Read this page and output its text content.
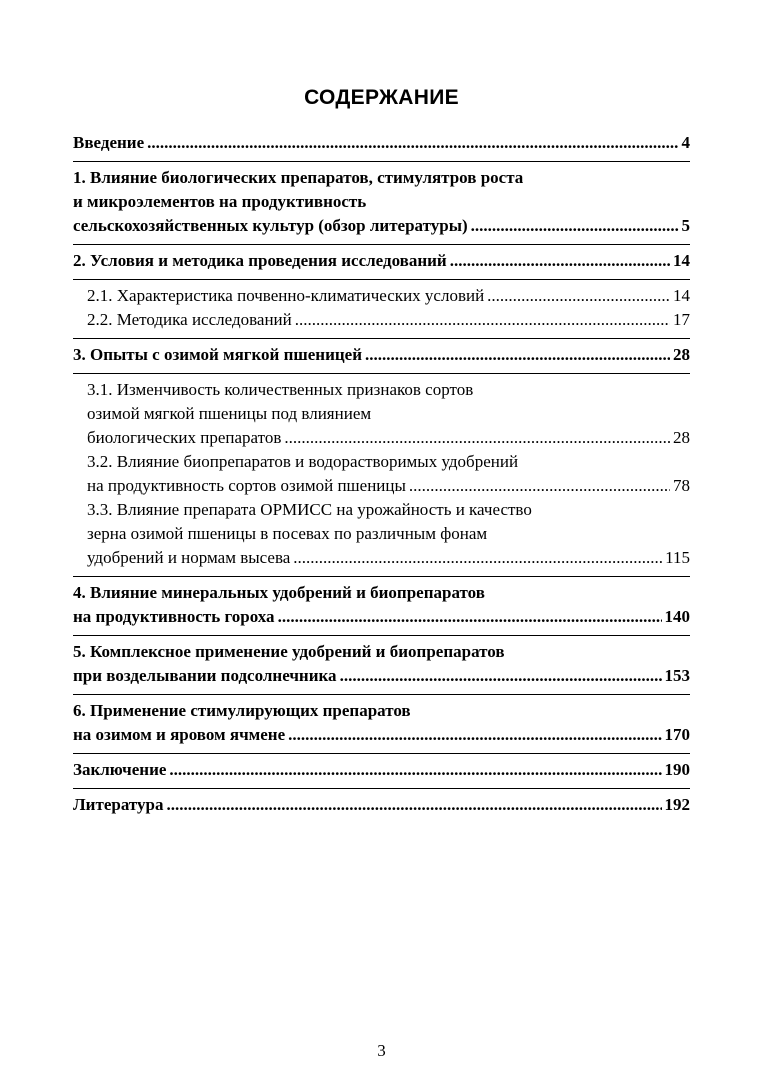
СОДЕРЖАНИЕ
Введение .....	4
1. Влияние биологических препаратов, стимулятров роста
и микроэлементов на продуктивность
сельскохозяйственных культур (обзор литературы) .....	5
2. Условия и методика проведения исследований .....	14
2.1. Характеристика почвенно-климатических условий .....	14
2.2. Методика исследований .....	17
3. Опыты с озимой мягкой пшеницей .....	28
3.1. Изменчивость количественных признаков сортов
озимой мягкой пшеницы под влиянием
биологических препаратов .....	28
3.2. Влияние биопрепаратов и водорастворимых удобрений
на продуктивность сортов озимой пшеницы .....	78
3.3. Влияние препарата ОРМИСС на урожайность и качество
зерна озимой пшеницы в посевах по различным фонам
удобрений и нормам высева .....	115
4. Влияние минеральных удобрений и биопрепаратов
на продуктивность гороха .....	140
5. Комплексное применение удобрений и биопрепаратов
при возделывании подсолнечника .....	153
6. Применение стимулирующих препаратов
на озимом и яровом ячмене .....	170
Заключение .....	190
Литература .....	192
3
